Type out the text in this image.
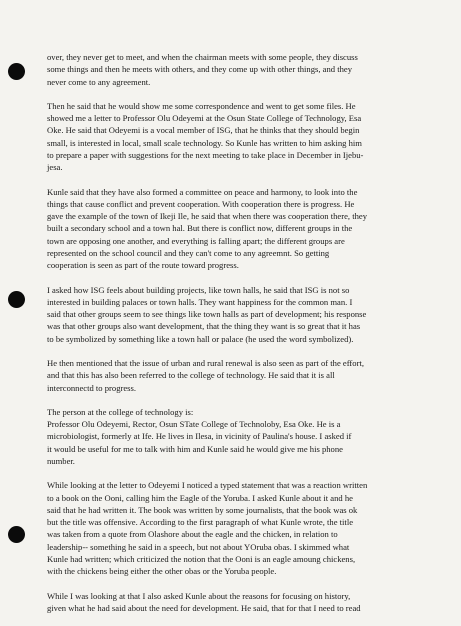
over, they never get to meet, and when the chairman meets with some people, they discuss
some things and then he meets with others, and they come up with other things, and they
never come to any agreement.
Then he said that he would show me some correspondence and went to get some files. He
showed me a letter to Professor Olu Odeyemi at the Osun State College of Technology, Esa
Oke. He said that Odeyemi is a vocal member of ISG, that he thinks that they should begin
small, is interested in local, small scale technology. So Kunle has written to him asking him
to prepare a paper with suggestions for the next meeting to take place in December in Ijebu-
jesa.
Kunle said that they have also formed a committee on peace and harmony, to look into the
things that cause conflict and prevent cooperation. With cooperation there is progress. He
gave the example of the town of Ikeji Ile, he said that when there was cooperation there, they
built a secondary school and a town hal. But there is conflict now, different groups in the
town are opposing one another, and everything is falling apart; the different groups are
represented on the school council and they can't come to any agreemnt. So getting
cooperation is seen as part of the route toward progress.
I asked how ISG feels about building projects, like town halls, he said that ISG is not so
interested in building palaces or town halls. They want happiness for the common man. I
said that other groups seem to see things like town halls as part of development; his response
was that other groups also want development, that the thing they want is so great that it has
to be symbolized by something like a town hall or palace (he used the word symbolized).
He then mentioned that the issue of urban and rural renewal is also seen as part of the effort,
and that this has also been referred to the college of technology. He said that it is all
interconnectd to progress.
The person at the college of technology is:
Professor Olu Odeyemi, Rector, Osun STate College of Technoloby, Esa Oke. He is a
microbiologist, formerly at Ife. He lives in Ilesa, in vicinity of Paulina's house. I asked if
it would be useful for me to talk with him and Kunle said he would give me his phone
number.
While looking at the letter to Odeyemi I noticed a typed statement that was a reaction written
to a book on the Ooni, calling him the Eagle of the Yoruba. I asked Kunle about it and he
said that he had written it. The book was written by some journalists, that the book was ok
but the title was offensive. According to the first paragraph of what Kunle wrote, the title
was taken from a quote from Olashore about the eagle and the chicken, in relation to
leadership-- something he said in a speech, but not about YOruba obas. I skimmed what
Kunle had written; which criticized the notion that the Ooni is an eagle amoung chickens,
with the chickens being either the other obas or the Yoruba people.
While I was looking at that I also asked Kunle about the reasons for focusing on history,
given what he had said about the need for development. He said, that for that I need to read
